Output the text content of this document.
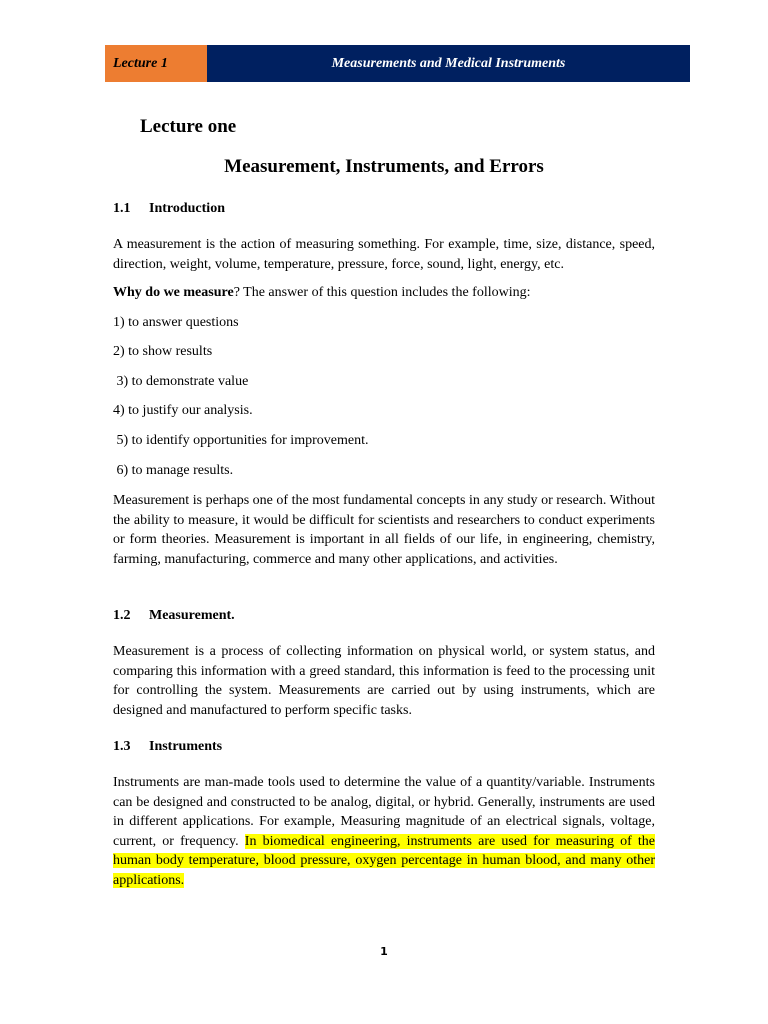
Lecture 1	Measurements and Medical Instruments
Lecture one
Measurement, Instruments, and Errors
1.1 Introduction
A measurement is the action of measuring something. For example, time, size, distance, speed, direction, weight, volume, temperature, pressure, force, sound, light, energy, etc.
Why do we measure? The answer of this question includes the following:
1) to answer questions
2) to show results
3) to demonstrate value
4) to justify our analysis.
5) to identify opportunities for improvement.
6) to manage results.
Measurement is perhaps one of the most fundamental concepts in any study or research. Without the ability to measure, it would be difficult for scientists and researchers to conduct experiments or form theories. Measurement is important in all fields of our life, in engineering, chemistry, farming, manufacturing, commerce and many other applications, and activities.
1.2 Measurement.
Measurement is a process of collecting information on physical world, or system status, and comparing this information with a greed standard, this information is feed to the processing unit for controlling the system. Measurements are carried out by using instruments, which are designed and manufactured to perform specific tasks.
1.3 Instruments
Instruments are man-made tools used to determine the value of a quantity/variable. Instruments can be designed and constructed to be analog, digital, or hybrid. Generally, instruments are used in different applications. For example, Measuring magnitude of an electrical signals, voltage, current, or frequency. In biomedical engineering, instruments are used for measuring of the human body temperature, blood pressure, oxygen percentage in human blood, and many other applications.
1
